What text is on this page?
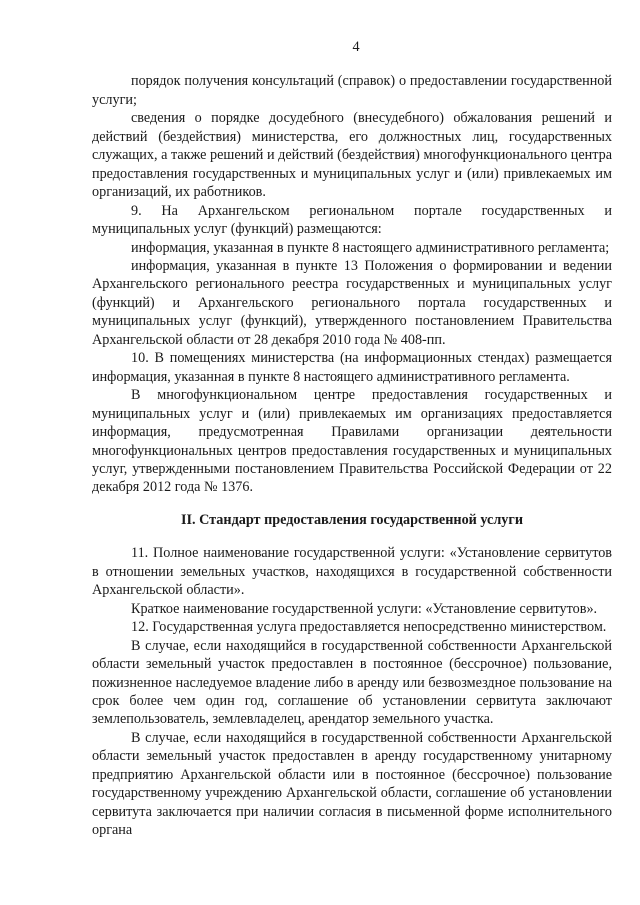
4

порядок получения консультаций (справок) о предоставлении государственной услуги;

сведения о порядке досудебного (внесудебного) обжалования решений и действий (бездействия) министерства, его должностных лиц, государственных служащих, а также решений и действий (бездействия) многофункционального центра предоставления государственных и муниципальных услуг и (или) привлекаемых им организаций, их работников.

9. На Архангельском региональном портале государственных и муниципальных услуг (функций) размещаются:

информация, указанная в пункте 8 настоящего административного регламента;

информация, указанная в пункте 13 Положения о формировании и ведении Архангельского регионального реестра государственных и муниципальных услуг (функций) и Архангельского регионального портала государственных и муниципальных услуг (функций), утвержденного постановлением Правительства Архангельской области от 28 декабря 2010 года № 408-пп.

10. В помещениях министерства (на информационных стендах) размещается информация, указанная в пункте 8 настоящего административного регламента.

В многофункциональном центре предоставления государственных и муниципальных услуг и (или) привлекаемых им организациях предоставляется информация, предусмотренная Правилами организации деятельности многофункциональных центров предоставления государственных и муниципальных услуг, утвержденными постановлением Правительства Российской Федерации от 22 декабря 2012 года № 1376.

II. Стандарт предоставления государственной услуги

11. Полное наименование государственной услуги: «Установление сервитутов в отношении земельных участков, находящихся в государственной собственности Архангельской области».

Краткое наименование государственной услуги: «Установление сервитутов».

12. Государственная услуга предоставляется непосредственно министерством.

В случае, если находящийся в государственной собственности Архангельской области земельный участок предоставлен в постоянное (бессрочное) пользование, пожизненное наследуемое владение либо в аренду или безвозмездное пользование на срок более чем один год, соглашение об установлении сервитута заключают землепользователь, землевладелец, арендатор земельного участка.

В случае, если находящийся в государственной собственности Архангельской области земельный участок предоставлен в аренду государственному унитарному предприятию Архангельской области или в постоянное (бессрочное) пользование государственному учреждению Архангельской области, соглашение об установлении сервитута заключается при наличии согласия в письменной форме исполнительного органа
